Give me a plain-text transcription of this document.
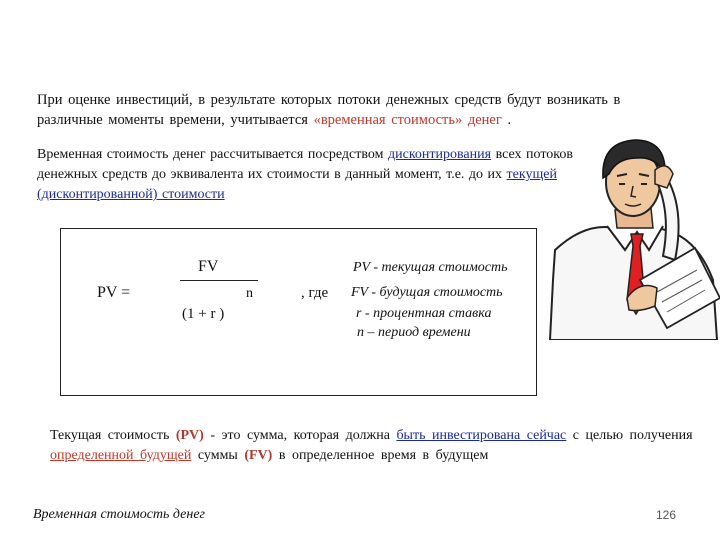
При оценке инвестиций, в результате которых потоки денежных средств будут возникать в различные моменты времени, учитывается «временная стоимость» денег .
Временная стоимость денег рассчитывается посредством дисконтирования всех потоков денежных средств до эквивалента их стоимости в данный момент, т.е. до их текущей (дисконтированной) стоимости
PV =
FV
n
(1 + r )
, где
PV - текущая стоимость
FV - будущая стоимость
r - процентная ставка
n – период времени
Текущая стоимость (PV) - это сумма, которая должна быть инвестирована сейчас с целью получения определенной будущей суммы (FV) в определенное время в будущем
Временная стоимость денег	126
